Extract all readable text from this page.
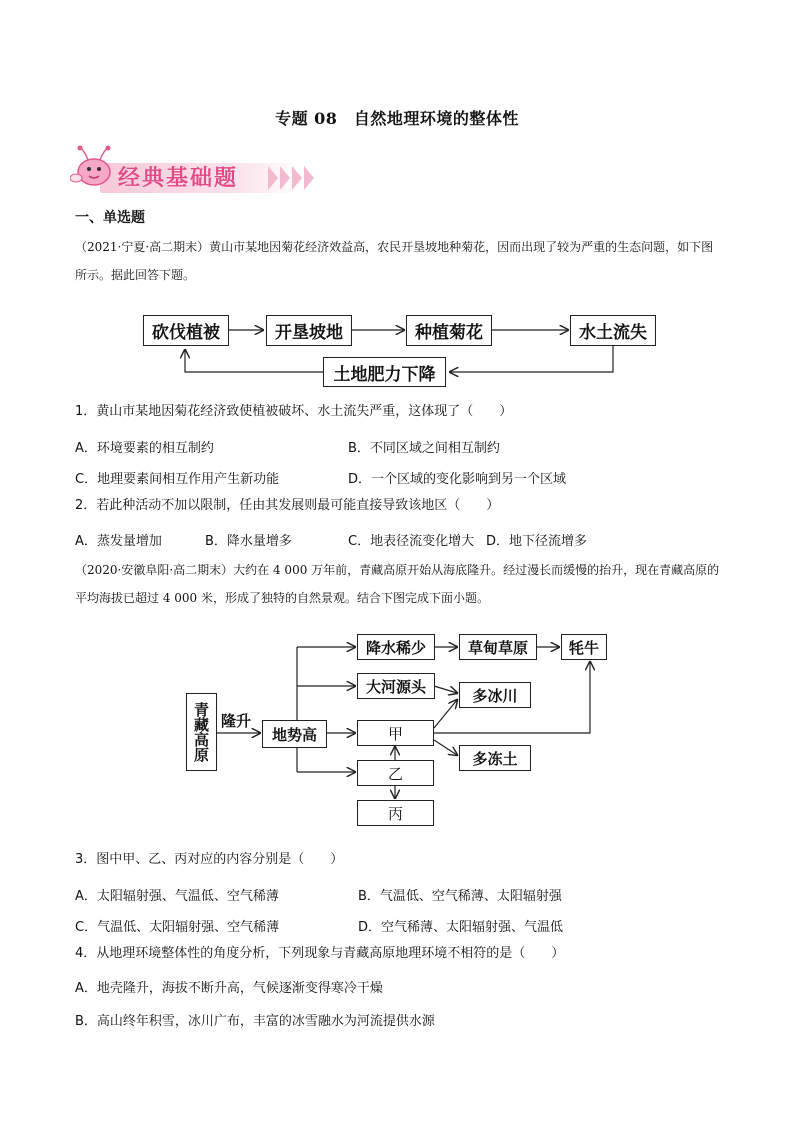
专题 08　自然地理环境的整体性
经典基础题
一、单选题
（2021·宁夏·高二期末）黄山市某地因菊花经济效益高，农民开垦坡地种菊花，因而出现了较为严重的生态问题，如下图所示。据此回答下题。
砍伐植被	开垦坡地	种植菊花	水土流失
土地肥力下降
1．黄山市某地因菊花经济致使植被破坏、水土流失严重，这体现了（　　）
A．环境要素的相互制约	B．不同区域之间相互制约
C．地理要素间相互作用产生新功能	D．一个区域的变化影响到另一个区域
2．若此种活动不加以限制，任由其发展则最可能直接导致该地区（　　）
A．蒸发量增加	B．降水量增多	C．地表径流变化增大 D．地下径流增多
（2020·安徽阜阳·高二期末）大约在 4 000 万年前，青藏高原开始从海底隆升。经过漫长而缓慢的抬升，现在青藏高原的平均海拔已超过 4 000 米，形成了独特的自然景观。结合下图完成下面小题。
青藏高原 隆升
地势高
降水稀少	草甸草原	牦牛
大河源头	多冰川
甲
乙
丙
多冻土
3．图中甲、乙、丙对应的内容分别是（　　）
A．太阳辐射强、气温低、空气稀薄	B．气温低、空气稀薄、太阳辐射强
C．气温低、太阳辐射强、空气稀薄	D．空气稀薄、太阳辐射强、气温低
4．从地理环境整体性的角度分析，下列现象与青藏高原地理环境不相符的是（　　）
A．地壳隆升，海拔不断升高，气候逐渐变得寒冷干燥
B．高山终年积雪，冰川广布，丰富的冰雪融水为河流提供水源
